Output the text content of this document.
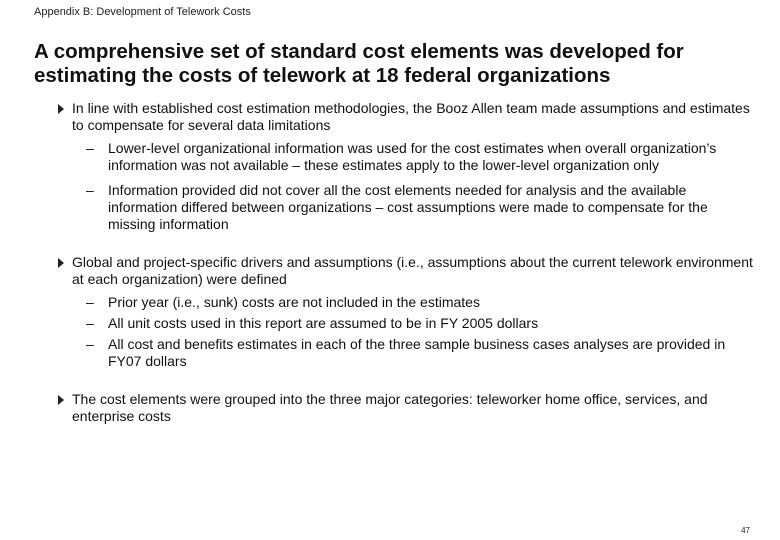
Appendix B: Development of Telework Costs
A comprehensive set of standard cost elements was developed for estimating the costs of telework at 18 federal organizations
In line with established cost estimation methodologies, the Booz Allen team made assumptions and estimates to compensate for several data limitations
– Lower-level organizational information was used for the cost estimates when overall organization’s information was not available – these estimates apply to the lower-level organization only
– Information provided did not cover all the cost elements needed for analysis and the available information differed between organizations – cost assumptions were made to compensate for the missing information
Global and project-specific drivers and assumptions (i.e., assumptions about the current telework environment at each organization) were defined
– Prior year (i.e., sunk) costs are not included in the estimates
– All unit costs used in this report are assumed to be in FY 2005 dollars
– All cost and benefits estimates in each of the three sample business cases analyses are provided in FY07 dollars
The cost elements were grouped into the three major categories: teleworker home office, services, and enterprise costs
47
